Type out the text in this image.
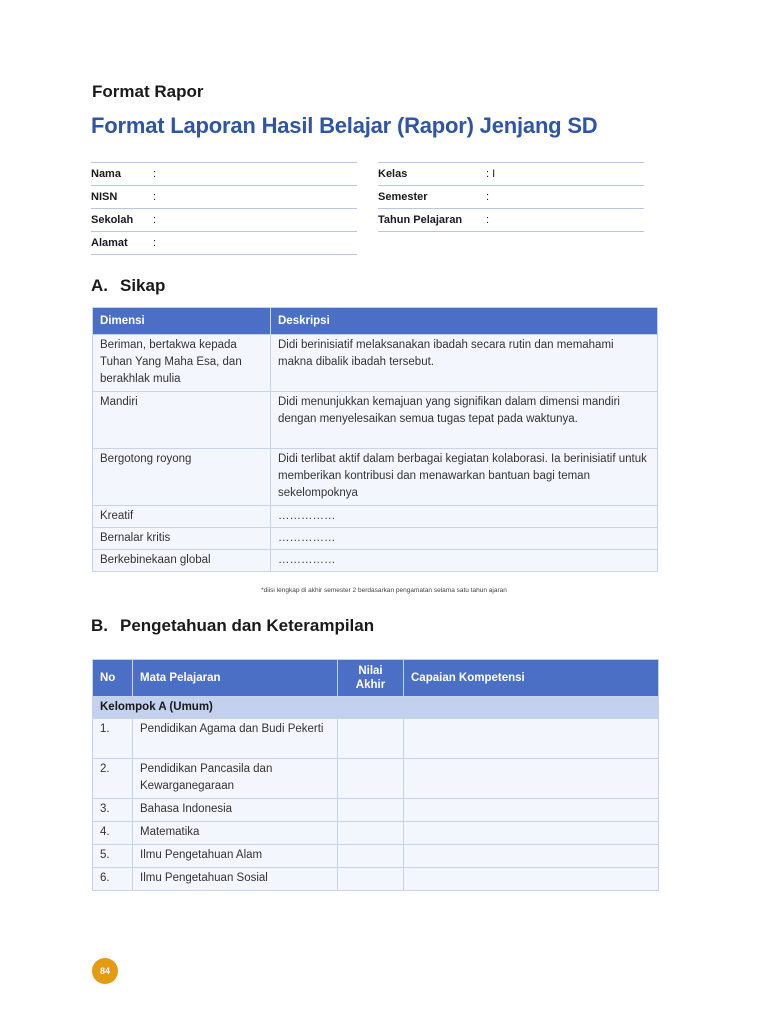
Format Rapor
Format Laporan Hasil Belajar (Rapor) Jenjang SD
Nama	:
NISN	:
Sekolah	:
Alamat	:
Kelas	: I
Semester	:
Tahun Pelajaran	:
A. Sikap
Dimensi	Deskripsi
Beriman, bertakwa kepada Tuhan Yang Maha Esa, dan berakhlak mulia	Didi berinisiatif melaksanakan ibadah secara rutin dan memahami makna dibalik ibadah tersebut.
Mandiri	Didi menunjukkan kemajuan yang signifikan dalam dimensi mandiri dengan menyelesaikan semua tugas tepat pada waktunya.
Bergotong royong	Didi terlibat aktif dalam berbagai kegiatan kolaborasi. Ia berinisiatif untuk memberikan kontribusi dan menawarkan bantuan bagi teman sekelompoknya
Kreatif	……………
Bernalar kritis	……………
Berkebinekaan global	……………
*diisi lengkap di akhir semester 2 berdasarkan pengamatan selama satu tahun ajaran
B. Pengetahuan dan Keterampilan
No	Mata Pelajaran	Nilai Akhir	Capaian Kompetensi
Kelompok A (Umum)			
1.	Pendidikan Agama dan Budi Pekerti		
2.	Pendidikan Pancasila dan Kewarganegaraan		
3.	Bahasa Indonesia		
4.	Matematika		
5.	Ilmu Pengetahuan Alam		
6.	Ilmu Pengetahuan Sosial		
84
